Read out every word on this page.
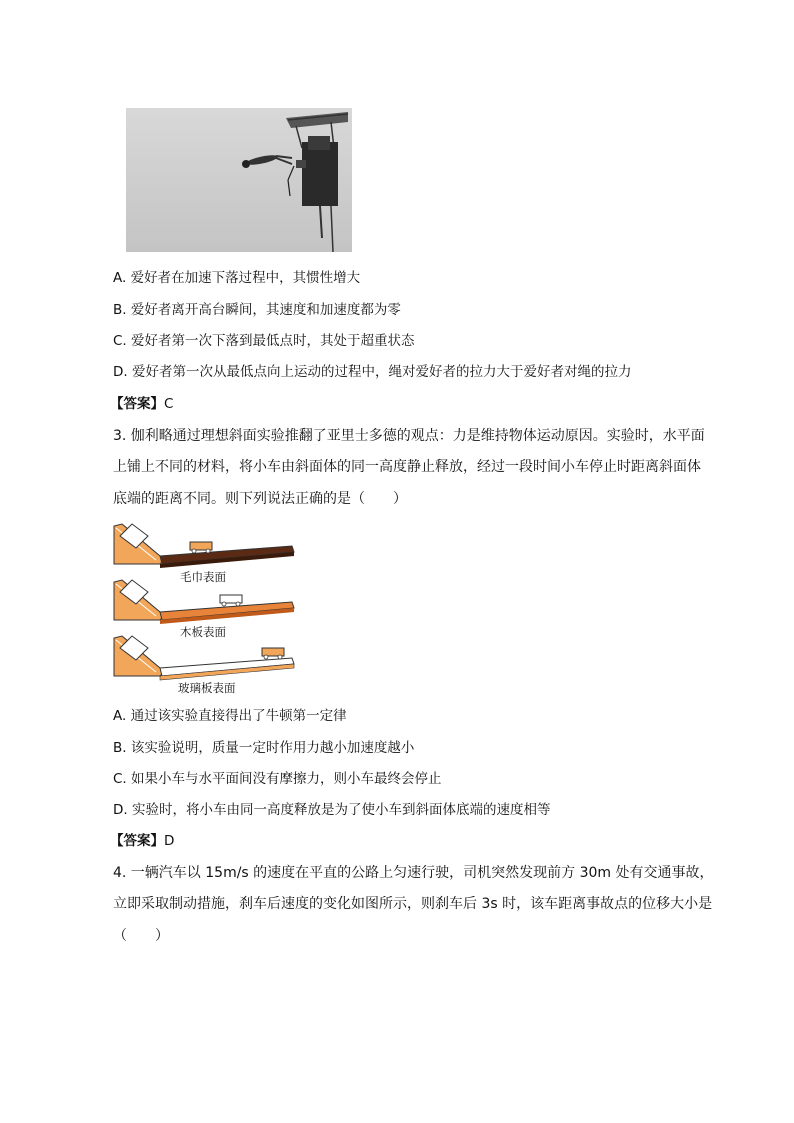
A. 爱好者在加速下落过程中，其惯性增大
B. 爱好者离开高台瞬间，其速度和加速度都为零
C. 爱好者第一次下落到最低点时，其处于超重状态
D. 爱好者第一次从最低点向上运动的过程中，绳对爱好者的拉力大于爱好者对绳的拉力
【答案】C
3. 伽利略通过理想斜面实验推翻了亚里士多德的观点：力是维持物体运动原因。实验时，水平面
上铺上不同的材料，将小车由斜面体的同一高度静止释放，经过一段时间小车停止时距离斜面体
底端的距离不同。则下列说法正确的是（　　）
毛巾表面
木板表面
玻璃板表面
A. 通过该实验直接得出了牛顿第一定律
B. 该实验说明，质量一定时作用力越小加速度越小
C. 如果小车与水平面间没有摩擦力，则小车最终会停止
D. 实验时，将小车由同一高度释放是为了使小车到斜面体底端的速度相等
【答案】D
4. 一辆汽车以 15m/s 的速度在平直的公路上匀速行驶，司机突然发现前方 30m 处有交通事故，
立即采取制动措施，刹车后速度的变化如图所示，则刹车后 3s 时，该车距离事故点的位移大小是
（　　）
